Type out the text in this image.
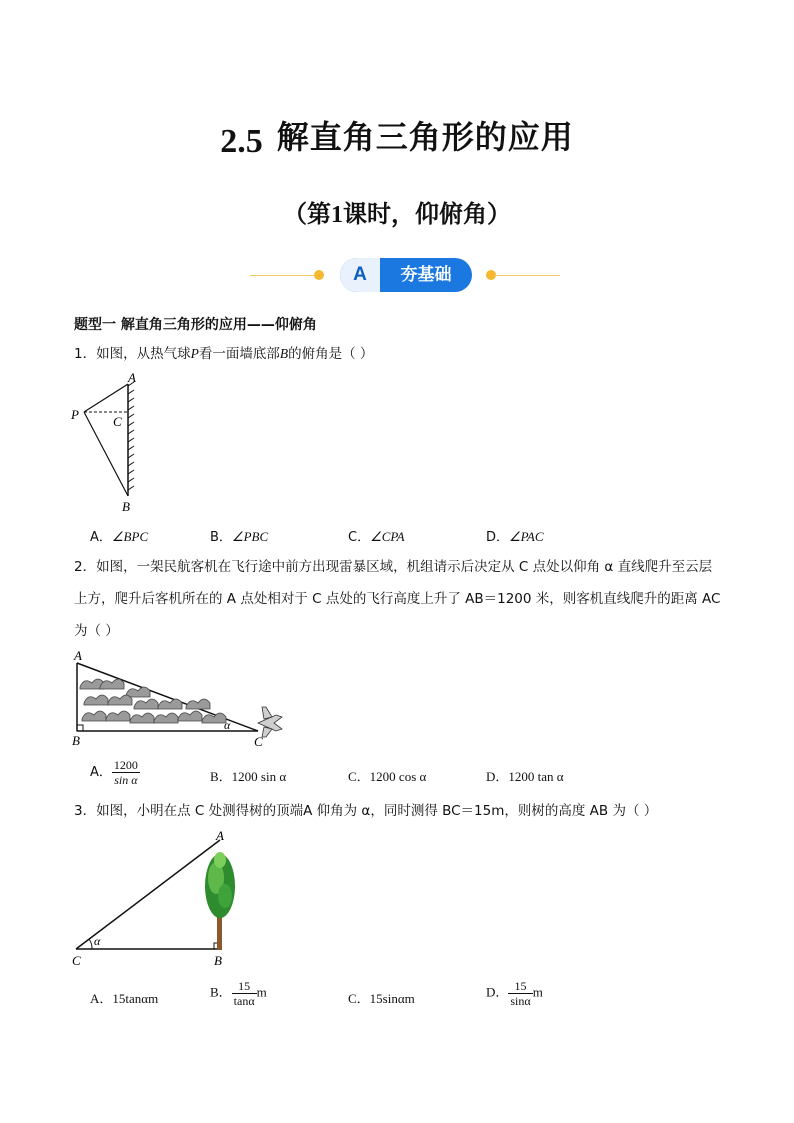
2.5 解直角三角形的应用
（第1课时，仰俯角）
A	夯基础
题型一 解直角三角形的应用——仰俯角
1．如图，从热气球P看一面墙底部B的俯角是（ ）
A
P	C
B
A．∠BPC	B．∠PBC	C．∠CPA	D．∠PAC
2．如图，一架民航客机在飞行途中前方出现雷暴区域，机组请示后决定从 C 点处以仰角 α 直线爬升至云层
上方，爬升后客机所在的 A 点处相对于 C 点处的飞行高度上升了 AB＝1200 米，则客机直线爬升的距离 AC
为（ ）
A
B	C
α
A． $\frac{1200}{\text{sin α}}$	B．1200 sin α	C．1200 cos α	D．1200 tan α
3．如图，小明在点 C 处测得树的顶端A 仰角为 α，同时测得 BC＝15m，则树的高度 AB 为（ ）
A
C	B
α
A．15tanαm	B． $\frac{15}{\tan\alpha}$ m	C．15sinαm	D． $\frac{15}{\sin\alpha}$ m
